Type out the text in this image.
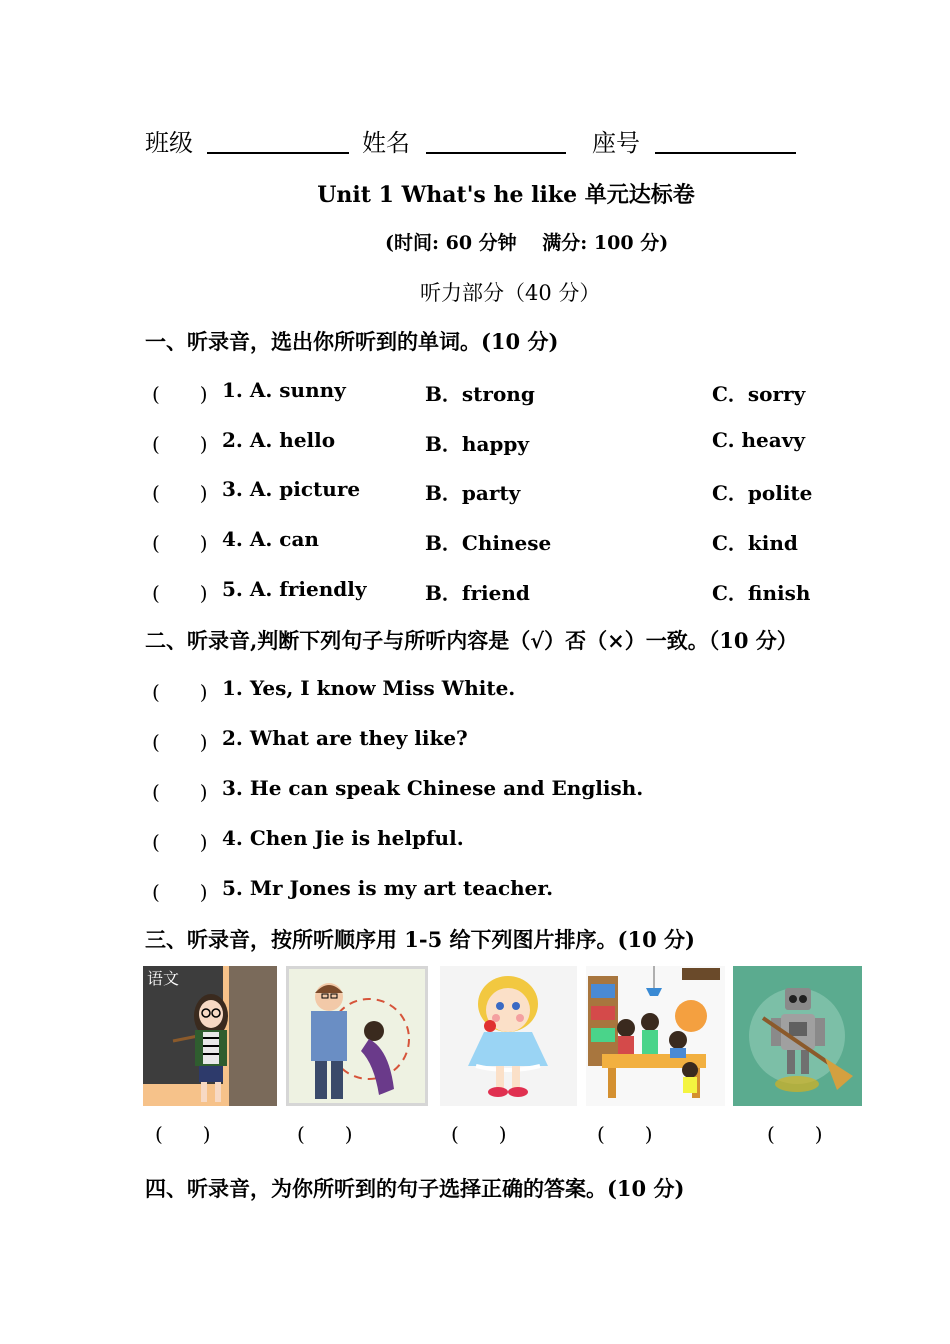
班级	姓名	座号
Unit 1 What's he like 单元达标卷
(时间: 60 分钟　 满分: 100 分)
听力部分（40 分）
一、听录音，选出你所听到的单词。(10 分)
(　　) 1. A. sunny	B．strong	C．sorry
(　　) 2. A. hello	B．happy	C. heavy
(　　) 3. A. picture	B．party	C．polite
(　　) 4. A. can	B．Chinese	C．kind
(　　) 5. A. friendly	B．friend	C．finish
二、听录音,判断下列句子与所听内容是（√）否（×）一致。（10 分）
(　　) 1. Yes, I know Miss White.
(　　) 2. What are they like?
(　　) 3. He can speak Chinese and English.
(　　) 4. Chen Jie is helpful.
(　　) 5. Mr Jones is my art teacher.
三、听录音，按所听顺序用 1-5 给下列图片排序。(10 分)
语文
(　　)	(　　)	(　　)	(　　)	(　　)
四、听录音，为你所听到的句子选择正确的答案。(10 分)
